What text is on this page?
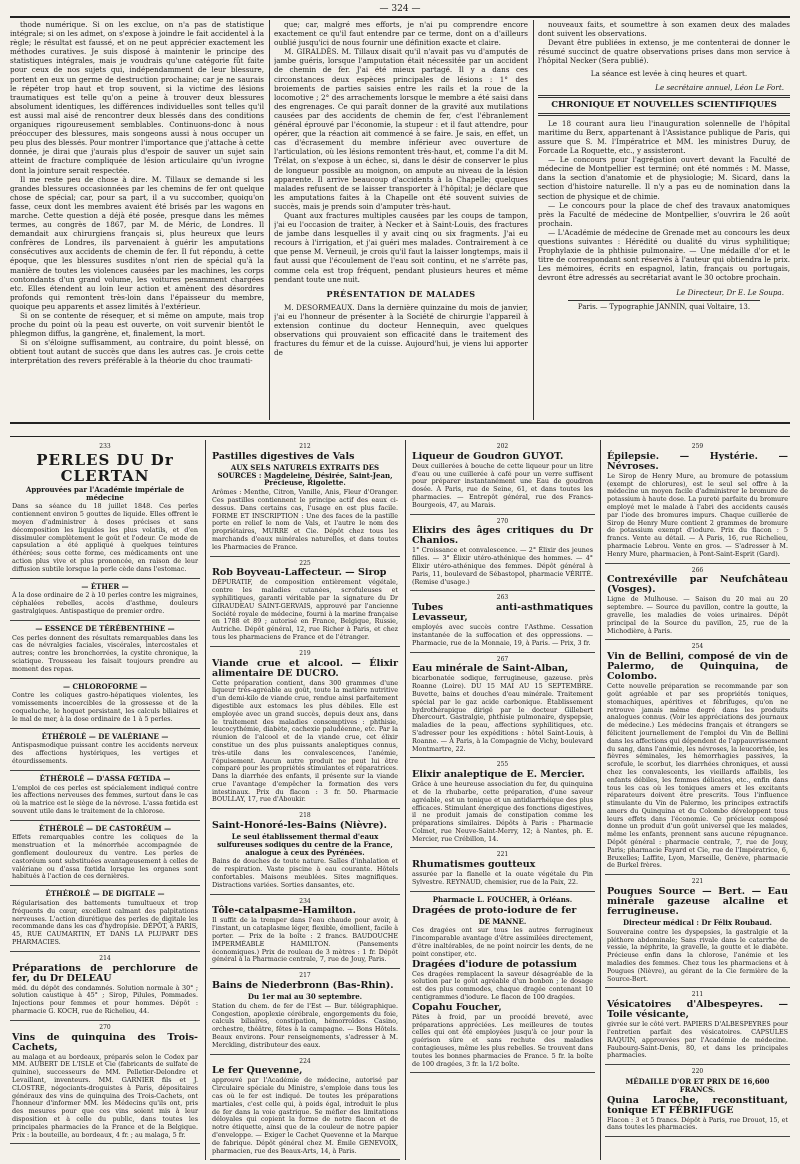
— 324 —

thode numérique. Si on les exclue, on n'a pas de statistique intégrale; si on les admet, on s'expose à joindre le fait accidentel à la règle; le résultat est faussé, et on ne peut apprécier exactement les méthodes curatives. Je suis disposé à maintenir le principe des statistiques intégrales, mais je voudrais qu'une catégorie fût faite pour ceux de nos sujets qui, indépendamment de leur blessure, portent en eux un germe de destruction prochaine; car je ne saurais le répéter trop haut et trop souvent, si la victime des lésions traumatiques est telle qu'on a peine à trouver deux blessures absolument identiques, les différences individuelles sont telles qu'il est aussi mal aisé de rencontrer deux blessés dans des conditions organiques rigoureusement semblables. Continuons-donc à nous préoccuper des blessures, mais songeons aussi à nous occuper un peu plus des blessés. Pour montrer l'importance que j'attache à cette donnée, je dirai que j'aurais plus d'espoir de sauver un sujet sain atteint de fracture compliquée de lésion articulaire qu'un ivrogne dont la jointure serait respectée.

Il me reste peu de chose à dire. M. Tillaux se demande si les grandes blessures occasionnées par les chemins de fer ont quelque chose de spécial; car, pour sa part, il a vu succomber, quoiqu'on fasse, ceux dont les membres avaient été brisés par les wagons en marche. Cette question a déjà été posée, presque dans les mêmes termes, au congrès de 1867, par M. de Méric, de Londres. Il demandait aux chirurgiens français si, plus heureux que leurs confrères de Londres, ils parvenaient à guérir les amputations consécutives aux accidents de chemin de fer. Il fut répondu, à cette époque, que les blessures susdites n'ont rien de spécial qu'à la manière de toutes les violences causées par les machines, les corps contondants d'un grand volume, les voitures pesamment chargées etc. Elles étendent au loin leur action et amènent des désordres profonds qui remontent très-loin dans l'épaisseur du membre, quoique peu apparents et assez limités à l'extérieur.

Si on se contente de résequer, et si même on ampute, mais trop proche du point où la peau est ouverte, on voit survenir bientôt le phlegmon diffus, la gangrène, et, finalement, la mort.

Si on s'éloigne suffisamment, au contraire, du point blessé, on obtient tout autant de succès que dans les autres cas. Je crois cette interprétation des revers préférable à la théorie du choc traumati-

que; car, malgré mes efforts, je n'ai pu comprendre encore exactement ce qu'il faut entendre par ce terme, dont on a d'ailleurs oublié jusqu'ici de nous fournir une définition exacte et claire.

M. GIRALDÈS. M. Tillaux disait qu'il n'avait pas vu d'amputés de jambe guéris, lorsque l'amputation était nécessitée par un accident de chemin de fer. J'ai été mieux partagé. Il y a dans ces circonstances deux espèces principales de lésions : 1° des broiements de parties saisies entre les rails et la roue de la locomotive ; 2° des arrachements lorsque le membre a été saisi dans des engrenages. Ce qui paraît donner de la gravité aux mutilations causées par des accidents de chemin de fer, c'est l'ébranlement général éprouvé par l'économie, la stupeur : et il faut attendre, pour opérer, que la réaction ait commencé à se faire. Je sais, en effet, un cas d'écrasement du membre inférieur avec ouverture de l'articulation, où les lésions remontent très-haut, et, comme l'a dit M. Trélat, on s'expose à un échec, si, dans le désir de conserver le plus de longueur possible au moignon, on ampute au niveau de la lésion apparente. Il arrive beaucoup d'accidents à la Chapelle; quelques malades refusent de se laisser transporter à l'hôpital; je déclare que les amputations faites à la Chapelle ont été souvent suivies de succès, mais je prends soin d'amputer très-haut.

Quant aux fractures multiples causées par les coups de tampon, j'ai eu l'occasion de traiter, à Necker et à Saint-Louis, des fractures de jambe dans lesquelles il y avait cinq ou six fragments. J'ai eu recours à l'irrigation, et j'ai guéri mes malades. Contrairement à ce que pense M. Verneuil, je crois qu'il faut la laisser longtemps, mais il faut aussi que l'écoulement de l'eau soit continu, et ne s'arrête pas, comme cela est trop fréquent, pendant plusieurs heures et même pendant toute une nuit.

PRÉSENTATION DE MALADES

M. DESORMEAUX. Dans la dernière quinzaine du mois de janvier, j'ai eu l'honneur de présenter à la Société de chirurgie l'appareil à extension continue du docteur Hennequin, avec quelques observations qui prouvaient son efficacité dans le traitement des fractures du fémur et de la cuisse. Aujourd'hui, je viens lui apporter de

nouveaux faits, et soumettre à son examen deux des malades dont suivent les observations.

Devant être publiées in extenso, je me contenterai de donner le résumé succinct de quatre observations prises dans mon service à l'hôpital Necker (Sera publié).

La séance est levée à cinq heures et quart.

Le secrétaire annuel, Léon Le Fort.
CHRONIQUE ET NOUVELLES SCIENTIFIQUES

Le 18 courant aura lieu l'inauguration solennelle de l'hôpital maritime du Berx, appartenant à l'Assistance publique de Paris, qui assure que S. M. l'Impératrice et MM. les ministres Duruy, de Forcade La Roquette, etc., y assisteront.

— Le concours pour l'agrégation ouvert devant la Faculté de médecine de Montpellier est terminé; ont été nommés : M. Masse, dans la section d'anatomie et de physiologie; M. Sicard, dans la section d'histoire naturelle. Il n'y a pas eu de nomination dans la section de physique et de chimie.

— Le concours pour la place de chef des travaux anatomiques près la Faculté de médecine de Montpellier, s'ouvrira le 26 août prochain.

— L'Académie de médecine de Grenade met au concours les deux questions suivantes : Hérédité ou dualité du virus syphilitique; Prophylaxie de la phthisie pulmonaire. — Une médaille d'or et le titre de correspondant sont réservés à l'auteur qui obtiendra le prix. Les mémoires, écrits en espagnol, latin, français ou portugais, devront être adressés au secrétariat avant le 30 octobre prochain.

Le Directeur, Dr E. Le Soupa.
Paris. — Typographie JANNIN, quai Voltaire, 13.
233
PERLES DU Dr CLERTAN
Approuvées par l'Académie impériale de médecine

Dans sa séance du 18 juillet 1848. Ces perles contiennent environ 5 gouttes de liquide. Elles offrent le moyen d'administrer à doses précises et sans décomposition les liquides les plus volatils, et d'en dissimuler complètement le goût et l'odeur. Ce mode de capsulation a été appliqué à quelques teintures éthérées; sous cette forme, ces médicaments ont une action plus vive et plus prononcée, en raison de leur diffusion subtile lorsque la perle cède dans l'estomac.

— ÉTHER —

À la dose ordinaire de 2 à 10 perles contre les migraines, céphalées rebelles, accès d'asthme, douleurs gastralgiques. Antispastique de premier ordre.

— ESSENCE DE TÉRÉBENTHINE —

Ces perles donnent des résultats remarquables dans les cas de névralgies faciales, viscérales, intercostales et autres; contre les bronchorrées, la cystite chronique, la sciatique. Trousseau les faisait toujours prendre au moment des repas.

— CHLOROFORME —

Contre les coliques gastro-hépatiques violentes, les vomissements incoercibles de la grossesse et de la coqueluche, le hoquet persistant, les calculs biliaires et le mal de mer, à la dose ordinaire de 1 à 5 perles.

ÉTHÉROLÉ — DE VALÉRIANE —

Antispasmodique puissant contre les accidents nerveux des affections hystériques, les vertiges et étourdissements.

ÉTHÉROLÉ — D'ASSA FŒTIDA —

L'emploi de ces perles est spécialement indiqué contre les affections nerveuses des femmes, surtout dans le cas où la matrice est le siège de la névrose. L'assa fœtida est souvent utile dans le traitement de la chlorose.

ÉTHÉROLÉ — DE CASTORÉUM —

Effets remarquables contre les coliques de la menstruation et la ménorrhée accompagnée de gonflement douloureux du ventre. Les perles de castoréum sont substituées avantageusement à celles de valériane ou d'assa fœtida lorsque les organes sont habitués à l'action de ces dernières.

ÉTHÉROLÉ — DE DIGITALE —

Régularisation des battements tumultueux et trop fréquents du cœur, excellent calmant des palpitations nerveuses. L'action diurétique des perles de digitale les recommande dans les cas d'hydropisie. DÉPÔT, à PARIS, 45, RUE CAUMARTIN, ET DANS LA PLUPART DES PHARMACIES.

214
Préparations de perchlorure de fer, du Dr DELEAU

méd. du dépôt des condamnés. Solution normale à 30° ; solution caustique à 45° ; Sirop, Pilules, Pommades. Injections pour femmes et pour hommes. Dépôt : pharmacie G. KOCH, rue de Richelieu, 44.

270
Vins de quinquina des Trois-Cachets,

au malaga et au bordeaux, préparés selon le Codex par MM. AUBERT DE L'ISLE et Cie (fabricants de sulfate de quinine), successeurs de MM. Pelletier-Delondre et Levaillant, inventeurs. MM. GARNIER fils et J. CLOSTRE, négociants-droguistes à Paris, dépositaires généraux des vins de quinquina des Trois-Cachets, ont l'honneur d'informer MM. les Médecins qu'ils ont, pris des mesures pour que ces vins soient mis à leur disposition et à celle du public, dans toutes les principales pharmacies de la France et de la Belgique. Prix : la bouteille, au bordeaux, 4 fr. ; au malaga, 5 fr.

212
Pastilles digestives de Vals
AUX SELS NATURELS EXTRAITS DES SOURCES : Magdeleine, Désirée, Saint-Jean, Précieuse, Rigolette.

Arômes : Menthe, Citron, Vanille, Anis, Fleur d'Oranger. Ces pastilles contiennent le principe actif des eaux ci-dessus. Dans certains cas, l'usage en est plus facile. FORME ET INSCRIPTION : Une des faces de la pastille porte en relief le nom de Vals, et l'autre le nom des propriétaires, MURRE et Cie. Dépôt chez tous les marchands d'eaux minérales naturelles, et dans toutes les Pharmacies de France.

225
Rob Boyveau-Laffecteur. — Sirop

DÉPURATIF, de composition entièrement végétale, contre les maladies cutanées, scrofuleuses et syphilitiques, garanti véritable par la signature du Dr GIRAUDEAU SAINT-GERVAIS, approuvé par l'ancienne Société royale de médecine, fourni à la marine française en 1788 et 89 ; autorisé en France, Belgique, Russie, Autriche. Dépôt général, 12, rue Richer à Paris, et chez tous les pharmaciens de France et de l'étranger.

219
Viande crue et alcool. — Élixir alimentaire DE DUCRO.

Cette préparation contient, dans 300 grammes d'une liqueur très-agréable au goût, toute la matière nutritive d'un demi-kilo de viande crue, rendue ainsi parfaitement digestible aux estomacs les plus débiles. Elle est employée avec un grand succès, depuis deux ans, dans le traitement des maladies consomptives : phthisie, leucocythémie, diabète, cachexie paludéenne, etc. Par la réunion de l'alcool et de la viande crue, cet élixir constitue un des plus puissants analeptiques connus, très-utile dans les convalescences, l'anémie, l'épuisement. Aucun autre produit ne peut lui être comparé pour les propriétés stimulantes et réparatrices. Dans la diarrhée des enfants, il présente sur la viande crue l'avantage d'empêcher la formation des vers intestinaux. Prix du flacon : 3 fr. 50. Pharmacie BOULLAY, 17, rue d'Aboukir.

218
Saint-Honoré-les-Bains (Nièvre).
Le seul établissement thermal d'eaux sulfureuses sodiques du centre de la France, analogue à ceux des Pyrénées.

Bains de douches de toute nature. Salles d'inhalation et de respiration. Vaste piscine à eau courante. Hôtels confortables. Maisons meublées. Sites magnifiques. Distractions variées. Sorties dansantes, etc.

234
Tôle-catalpasme-Hamilton.

Il suffit de la tremper dans l'eau chaude pour avoir, à l'instant, un cataplasme léger, flexible, émollient, facile à porter. — Prix de la boîte : 2 francs. BAUDOUCHE IMPERMÉABLE HAMILTON. (Pansements économiques.) Prix de rouleau de 3 mètres : 1 fr. Dépôt général à la Pharmacie centrale, 7, rue de Jouy, Paris.

217
Bains de Niederbronn (Bas-Rhin).
Du 1er mai au 30 septembre.

Station du chem. de fer de l'Est — Bur. télégraphique. Congestion, apoplexie cérébrale, engorgements du foie, calculs biliaires, constipation, hémorroïdes. Casino, orchestre, théâtre, fêtes à la campagne. — Bons Hôtels. Beaux environs. Pour renseignements, s'adresser à M. Merckling, distributeur des eaux.

224
Le fer Quevenne,

approuvé par l'Académie de médecine, autorisé par Circulaire spéciale du Ministre, s'emploie dans tous les cas où le fer est indiqué. De toutes les préparations martiales, c'est celle qui, à poids égal, introduit le plus de fer dans la voie gastrique. Se méfier des limitations déloyales qui copient la forme de notre flacon et de notre étiquette, ainsi que de la couleur de notre papier d'enveloppe. — Exiger le Cachet Quevenne et la Marque de fabrique. Dépôt général chez M. Émile GENEVOIX, pharmacien, rue des Beaux-Arts, 14, à Paris.

202
Liqueur de Goudron GUYOT.

Deux cuillerées à bouche de cette liqueur pour un litre d'eau ou une cuillerée à café pour un verre suffisent pour préparer instantanément une Eau de goudron dosée. À Paris, rue de Seine, 61, et dans toutes les pharmacies. — Entrepôt général, rue des Francs-Bourgeois, 47, au Marais.

270
Elixirs des âges critiques du Dr Chanios.

1° Croissance et convalescence. — 2° Élixir des jeunes filles. — 3° Élixir utéro-athénique des hommes. — 4° Élixir utéro-athénique des femmes. Dépôt général à Paris, 11, boulevard de Sébastopol, pharmacie VÉRITÉ. (Remise d'usage.)

263
Tubes anti-asthmatiques Levasseur,

employés avec succès contre l'Asthme. Cessation instantanée de la suffocation et des oppressions. — Pharmacie, rue de la Monnaie, 19, à Paris. — Prix, 3 fr.

267
Eau minérale de Saint-Alban,

bicarbonatée sodique, ferrugineuse, gazeuse. près Roanne (Loire). DU 15 MAI AU 15 SEPTEMBRE. Buvette, bains et douches d'eau minérale. Traitement spécial par le gaz acide carbonique. Établissement hydrothérapique dirigé par le docteur Gillebert Dhercourt. Gastralgie, phthisie pulmonaire, dyspepsie, maladies de la peau, affections syphilitiques, etc. S'adresser pour les expéditions : hôtel Saint-Louis, à Roanne. — À Paris, à la Compagnie de Vichy, boulevard Montmartre, 22.

255
Elixir analeptique de E. Mercier.

Grâce à une heureuse association du fer, du quinquina et de la rhubarbe, cette préparation, d'une saveur agréable, est un tonique et un antidiarrhéique des plus efficaces. Stimulant énergique des fonctions digestives, il ne produit jamais de constipation comme les préparations similaires. Dépôts à Paris : Pharmacie Colmet, rue Neuve-Saint-Merry, 12; à Nantes, ph. E. Mercier, rue Crébillon, 14.

221
Rhumatismes goutteux

assurée par la flanelle et la ouate végétale du Pin Sylvestre. REYNAUD, chemisier, rue de la Paix, 22.

Pharmacie L. FOUCHER, à Orléans.
Dragées de proto-iodure de fer
DE MANNE.

Ces dragées ont sur tous les autres ferrugineux l'incomparable avantage d'être assimilées directement, d'être inaltérables, de ne point noircir les dents, de ne point constiper, etc.

Dragées d'iodure de potassium

Ces dragées remplacent la saveur désagréable de la solution par le goût agréable d'un bonbon ; le dosage est des plus commodes, chaque dragée contenant 10 centigrammes d'iodure. Le flacon de 100 dragées.

Copahu Foucher,

Pâtes à froid, par un procédé breveté, avec préparations appréciées. Les meilleures de toutes celles qui ont été employées jusqu'à ce jour pour la guérison sûre et sans rechute des maladies contagieuses, même les plus rebelles. Se trouvent dans toutes les bonnes pharmacies de France. 5 fr. la boîte de 100 dragées, 3 fr. la 1/2 boîte.

259
Épilepsie. — Hystérie. — Névroses.

Le Sirop de Henry Mure, au bromure de potassium (exempt de chlorures), est le seul sel offre à la médecine un moyen facile d'administrer le bromure de potassium à haute dose. La pureté parfaite du bromure employé met le malade à l'abri des accidents causés par l'iode des bromures impurs. Chaque cuillerée de Sirop de Henry Mure contient 2 grammes de bromure de potassium exempt d'iodure. Prix du flacon : 5 francs. Vente au détail. — À Paris, 16, rue Richelieu, pharmacie Lebrou. Vente en gros. — S'adresser à M. Henry Mure, pharmacien, à Pont-Saint-Esprit (Gard).

266
Contrexéville par Neufchâteau (Vosges).

Ligne de Mulhouse. — Saison du 20 mai au 20 septembre. — Source du pavillon, contre la goutte, la gravelle, les maladies de voies urinaires. Dépôt principal de la Source du pavillon, 25, rue de la Michodière, à Paris.

254
Vin de Bellini, composé de vin de Palermo, de Quinquina, de Colombo.

Cette nouvelle préparation se recommande par son goût agréable et par ses propriétés toniques, stomachiques, apéritives et fébrifuges, qu'on ne retrouve jamais même degré dans les produits analogues connus. (Voir les appréciations des journaux de médecine.) Les médecins français et étrangers se félicitent journellement de l'emploi du Vin de Bellini dans les affections qui dépendent de l'appauvrissement du sang, dans l'anémie, les névroses, la leucorrhée, les fièvres séminales, les hémorrhagies passives, la scrofule, le scorbut, les diarrhées chroniques, et aussi chez les convalescents, les vieillards affaiblis, les enfants débiles, les femmes délicates, etc., enfin dans tous les cas où les toniques amers et les excitants réparateurs doivent être prescrits. Tous l'influence stimulante du Vin de Palermo, les principes extractifs amers du Quinquina et du Colombo développent tous leurs effets dans l'économie. Ce précieux composé donne un produit d'un goût universel que les malades, même les enfants, prennent sans aucune répugnance. Dépôt général : pharmacie centrale, 7, rue de Jouy, Paris; pharmacie Fayard et Cie, rue de l'Impératrice, 6, Bruxelles; Laffite, Lyon, Marseille, Genève, pharmacie de Burkel frères.

221
Pougues Source — Bert. — Eau minérale gazeuse alcaline et ferrugineuse.
Directeur médical : Dr Félix Roubaud.

Souveraine contre les dyspepsies, la gastralgie et la pléthore abdominale; Sans rivale dans le catarrhe de vessie, la néphrite, la gravelle, la goutte et le diabète. Précieuse enfin dans la chlorose, l'anémie et les maladies des femmes. Chez tous les pharmaciens et à Pougues (Nièvre), au gérant de la Cie fermière de la Source-Bert.

211
Vésicatoires d'Albespeyres. — Toile vésicante,

givrée sur le côté vert. PAPIERS D'ALBESPEYRES pour l'entretien parfait des vésicatoires. CAPSULES RAQUIN, approuvées par l'Académie de médecine. Faubourg-Saint-Denis, 80, et dans les principales pharmacies.

220
MÉDAILLE D'OR ET PRIX DE 16,600 FRANCS.
Quina Laroche, reconstituant, tonique ET FÉBRIFUGE

Flacon : 3 et 5 francs. Dépôt à Paris, rue Drouot, 15, et dans toutes les pharmacies.
